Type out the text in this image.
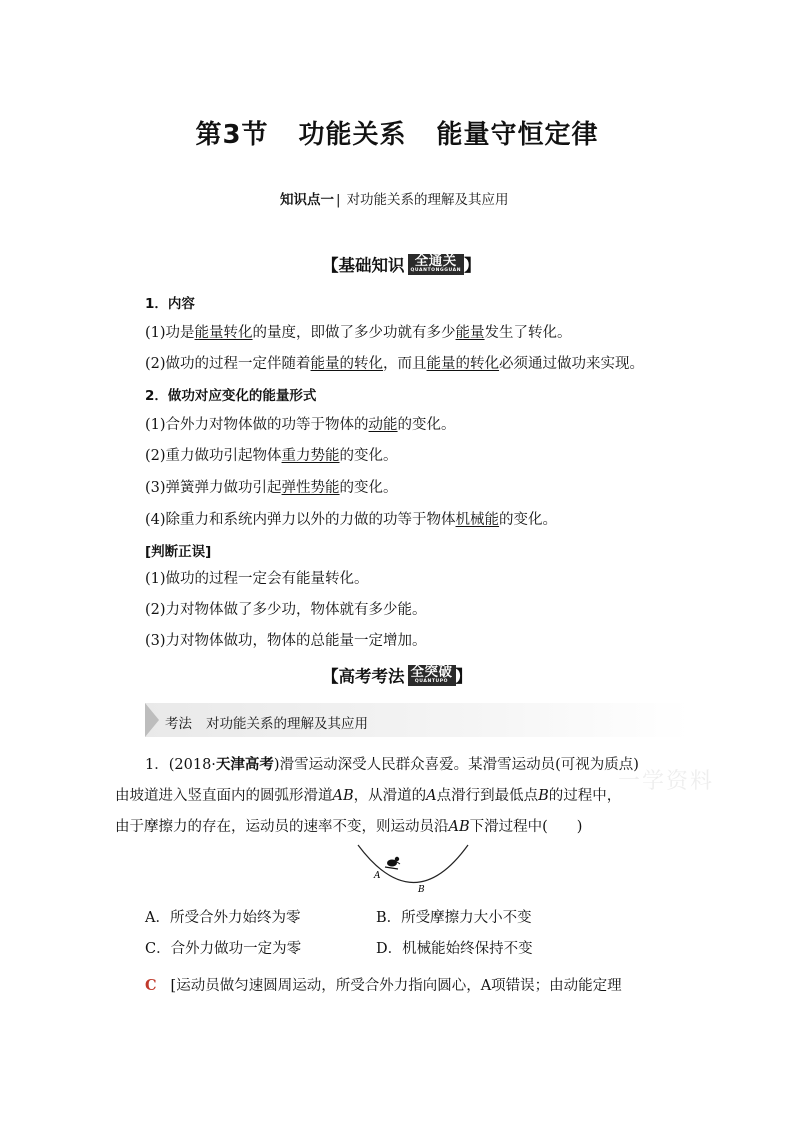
第3节 功能关系 能量守恒定律
知识点一 | 对功能关系的理解及其应用
【 基础知识 全通关
QUANTONGGUAN 】
1．内容
(1)功是能量转化的量度，即做了多少功就有多少能量发生了转化。
(2)做功的过程一定伴随着能量的转化，而且能量的转化必须通过做功来实现。
2．做功对应变化的能量形式
(1)合外力对物体做的功等于物体的动能的变化。
(2)重力做功引起物体重力势能的变化。
(3)弹簧弹力做功引起弹性势能的变化。
(4)除重力和系统内弹力以外的力做的功等于物体机械能的变化。
[判断正误]
(1)做功的过程一定会有能量转化。
(2)力对物体做了多少功，物体就有多少能。
(3)力对物体做功，物体的总能量一定增加。
【 高考考法 全突破
QUANTUPO 】
考法 对功能关系的理解及其应用
一学资料
1．(2018·天津高考)滑雪运动深受人民群众喜爱。某滑雪运动员(可视为质点)
由坡道进入竖直面内的圆弧形滑道AB，从滑道的A点滑行到最低点B的过程中，
由于摩擦力的存在，运动员的速率不变，则运动员沿AB下滑过程中(　　)
A
B
A．所受合外力始终为零	B．所受摩擦力大小不变
C．合外力做功一定为零	D．机械能始终保持不变
C [运动员做匀速圆周运动，所受合外力指向圆心，A项错误；由动能定理
